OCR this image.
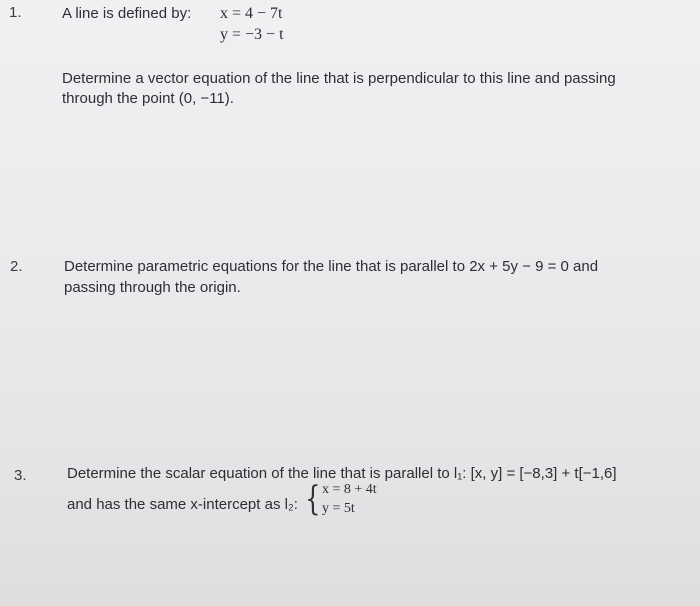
1.	A line is defined by: x = 4 − 7t
y = −3 − t
Determine a vector equation of the line that is perpendicular to this line and passing
through the point (0, −11).
2.	Determine parametric equations for the line that is parallel to 2x + 5y − 9 = 0 and
passing through the origin.
3.	Determine the scalar equation of the line that is parallel to l₁: [x, y] = [−8,3] + t[−1,6]
and has the same x-intercept as l₂: { x = 8 + 4t
y = 5t
